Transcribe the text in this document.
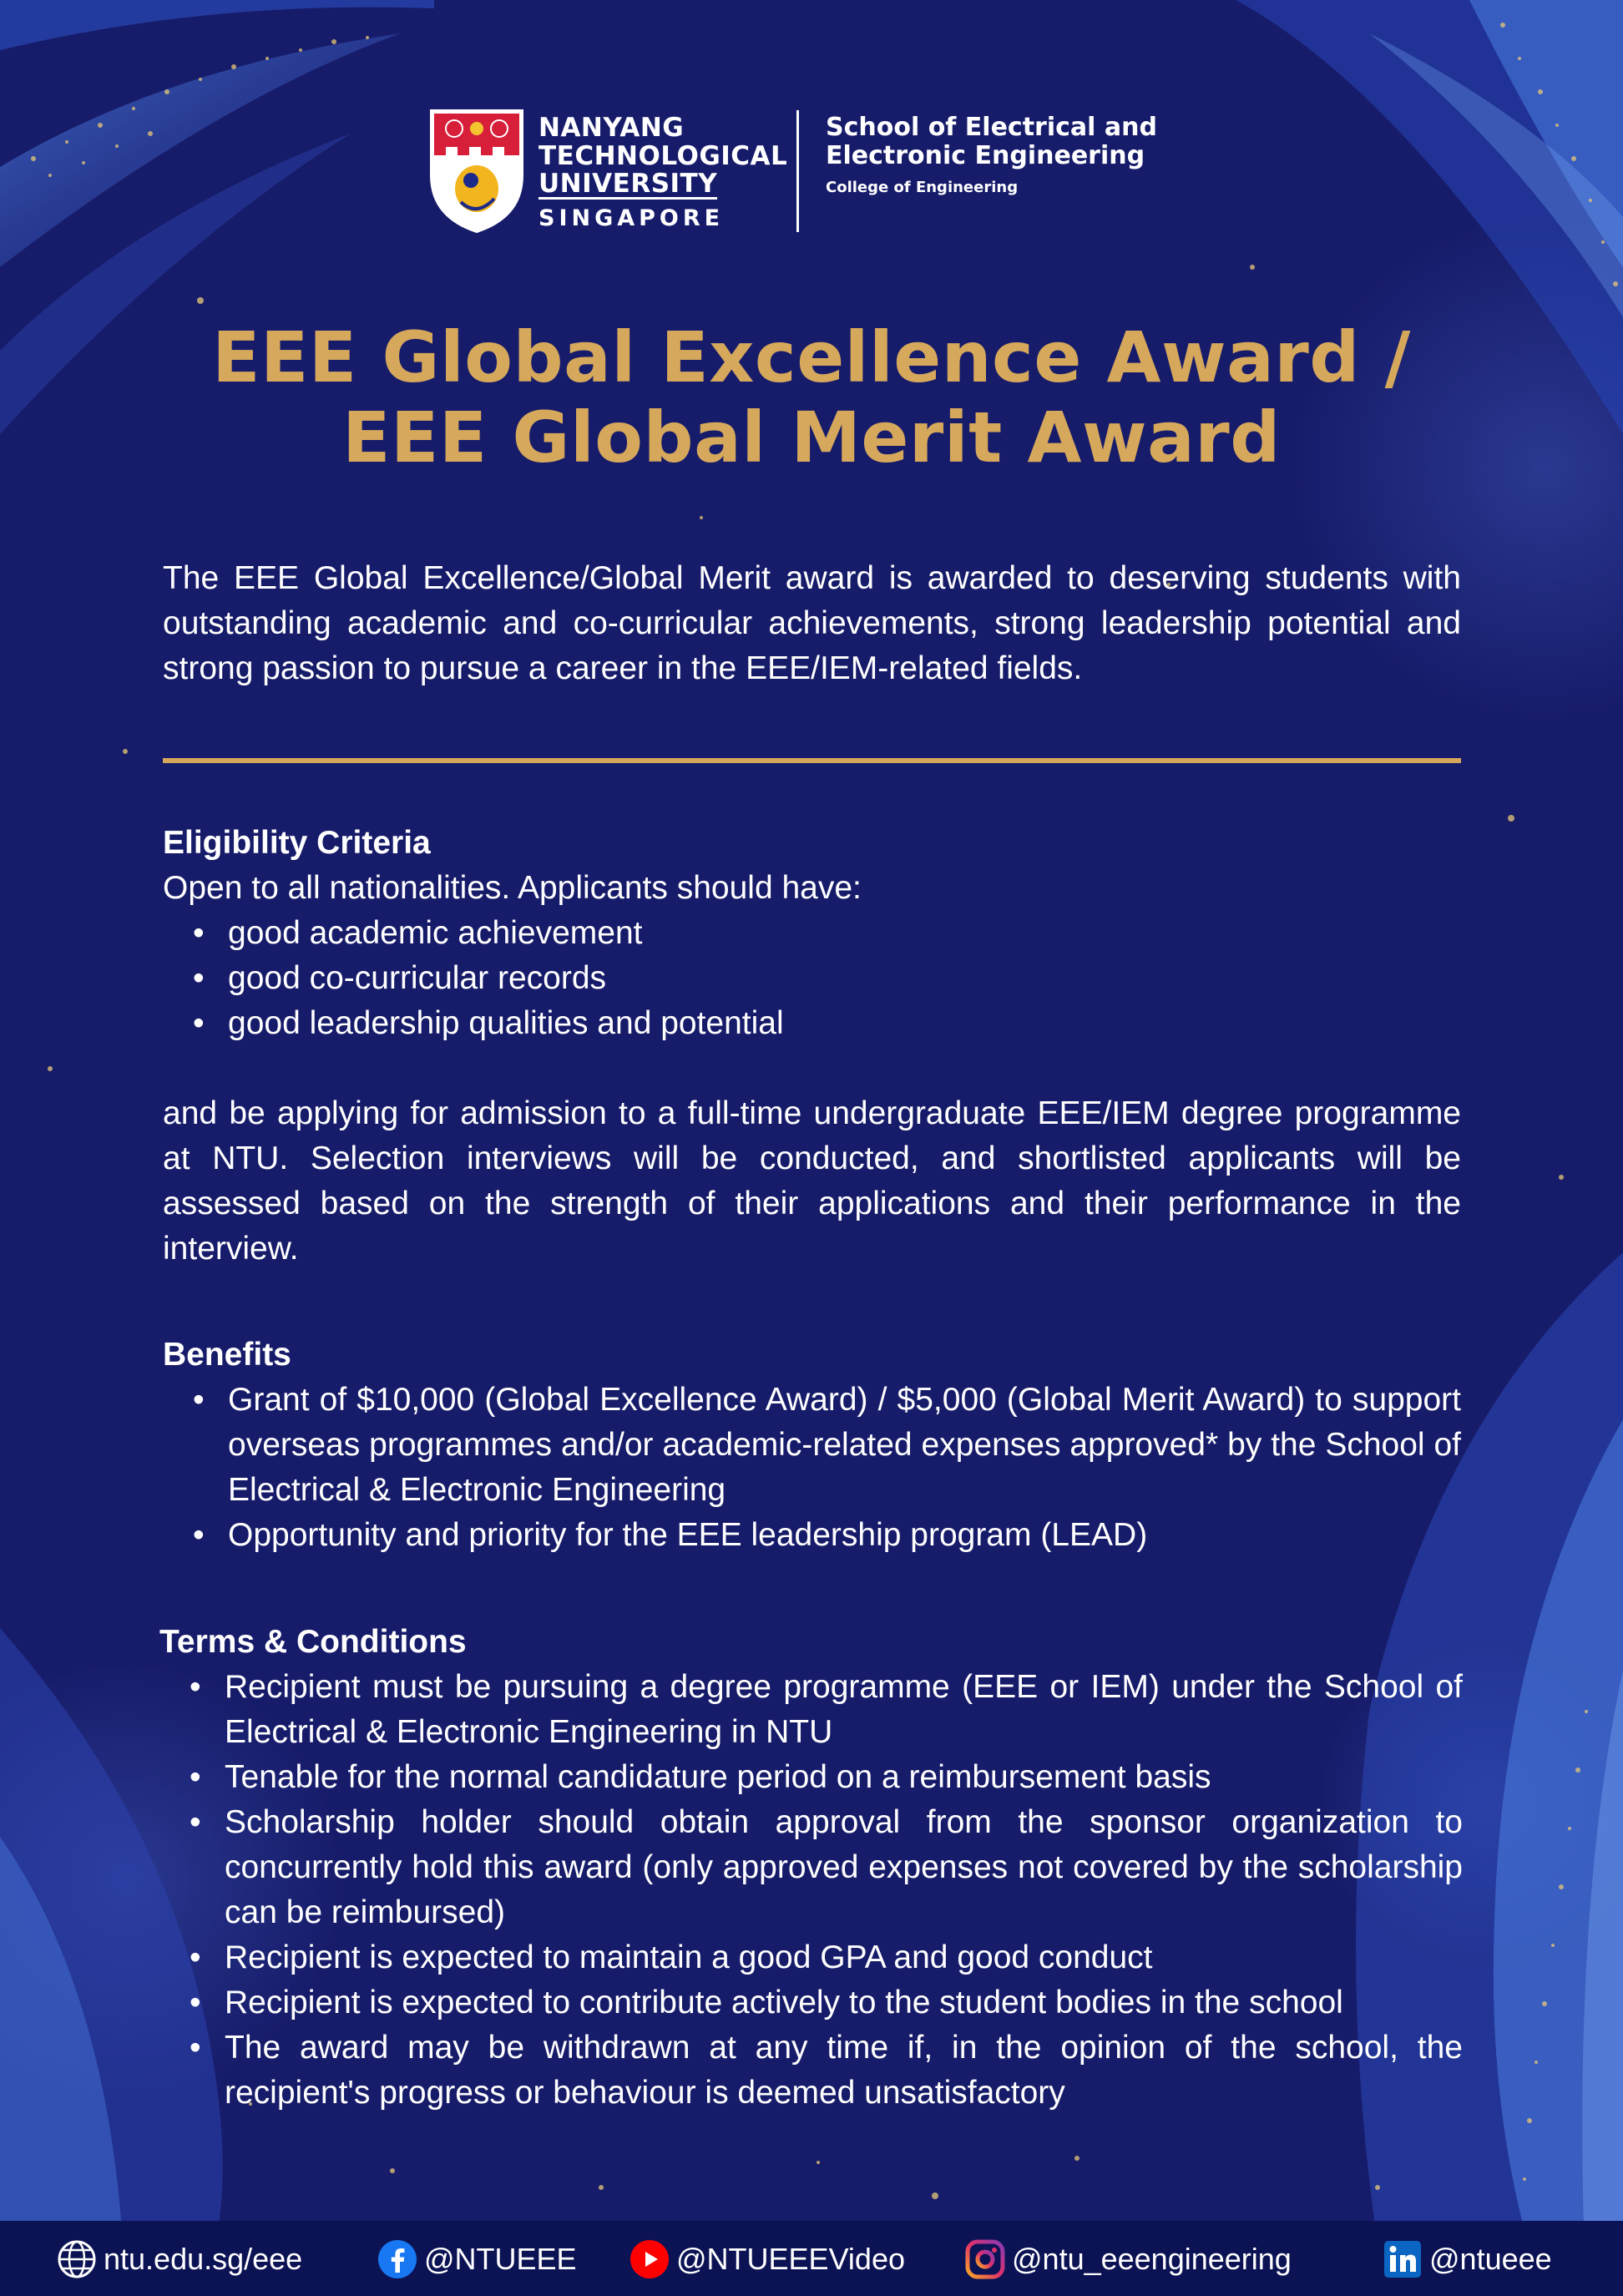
NANYANG
TECHNOLOGICAL
UNIVERSITY
SINGAPORE
School of Electrical and
Electronic Engineering
College of Engineering
EEE Global Excellence Award /
EEE Global Merit Award

The EEE Global Excellence/Global Merit award is awarded to deserving students with outstanding academic and co-curricular achievements, strong leadership potential and strong passion to pursue a career in the EEE/IEM-related fields.

Eligibility Criteria
Open to all nationalities. Applicants should have:
• good academic achievement
• good co-curricular records
• good leadership qualities and potential

and be applying for admission to a full-time undergraduate EEE/IEM degree programme at NTU. Selection interviews will be conducted, and shortlisted applicants will be assessed based on the strength of their applications and their performance in the interview.

Benefits
• Grant of $10,000 (Global Excellence Award) / $5,000 (Global Merit Award) to support overseas programmes and/or academic-related expenses approved* by the School of Electrical & Electronic Engineering
• Opportunity and priority for the EEE leadership program (LEAD)
Terms & Conditions
• Recipient must be pursuing a degree programme (EEE or IEM) under the School of Electrical & Electronic Engineering in NTU
• Tenable for the normal candidature period on a reimbursement basis
• Scholarship holder should obtain approval from the sponsor organization to concurrently hold this award (only approved expenses not covered by the scholarship can be reimbursed)
• Recipient is expected to maintain a good GPA and good conduct
• Recipient is expected to contribute actively to the student bodies in the school
• The award may be withdrawn at any time if, in the opinion of the school, the recipient's progress or behaviour is deemed unsatisfactory
ntu.edu.sg/eee	@NTUEEE	@NTUEEEVideo	@ntu_eeengineering	@ntueee
